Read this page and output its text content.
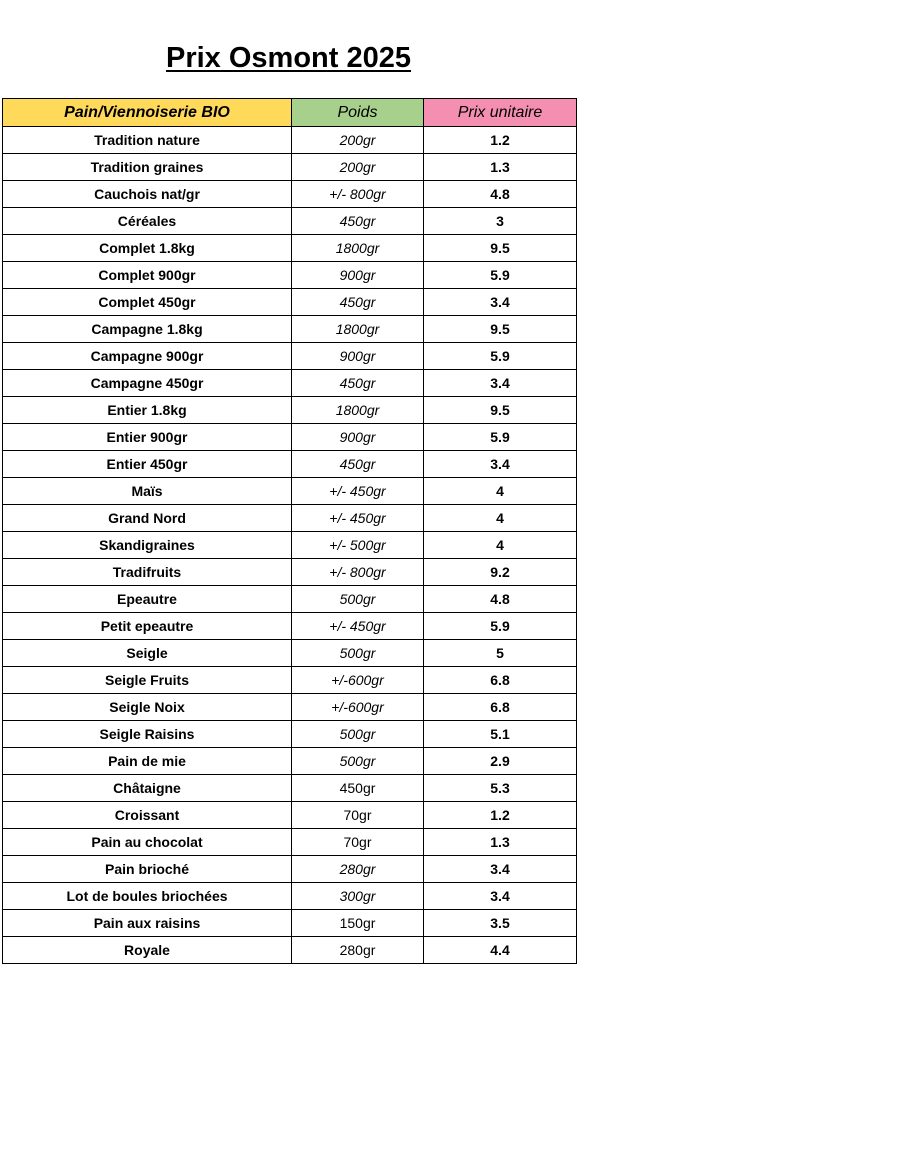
Prix Osmont 2025
Pain/Viennoiserie BIO	Poids	Prix unitaire
Tradition nature	200gr	1.2
Tradition graines	200gr	1.3
Cauchois nat/gr	+/- 800gr	4.8
Céréales	450gr	3
Complet 1.8kg	1800gr	9.5
Complet 900gr	900gr	5.9
Complet 450gr	450gr	3.4
Campagne 1.8kg	1800gr	9.5
Campagne 900gr	900gr	5.9
Campagne 450gr	450gr	3.4
Entier 1.8kg	1800gr	9.5
Entier 900gr	900gr	5.9
Entier 450gr	450gr	3.4
Maïs	+/- 450gr	4
Grand Nord	+/- 450gr	4
Skandigraines	+/- 500gr	4
Tradifruits	+/- 800gr	9.2
Epeautre	500gr	4.8
Petit epeautre	+/- 450gr	5.9
Seigle	500gr	5
Seigle Fruits	+/-600gr	6.8
Seigle Noix	+/-600gr	6.8
Seigle Raisins	500gr	5.1
Pain de mie	500gr	2.9
Châtaigne	450gr	5.3
Croissant	70gr	1.2
Pain au chocolat	70gr	1.3
Pain brioché	280gr	3.4
Lot de boules briochées	300gr	3.4
Pain aux raisins	150gr	3.5
Royale	280gr	4.4
